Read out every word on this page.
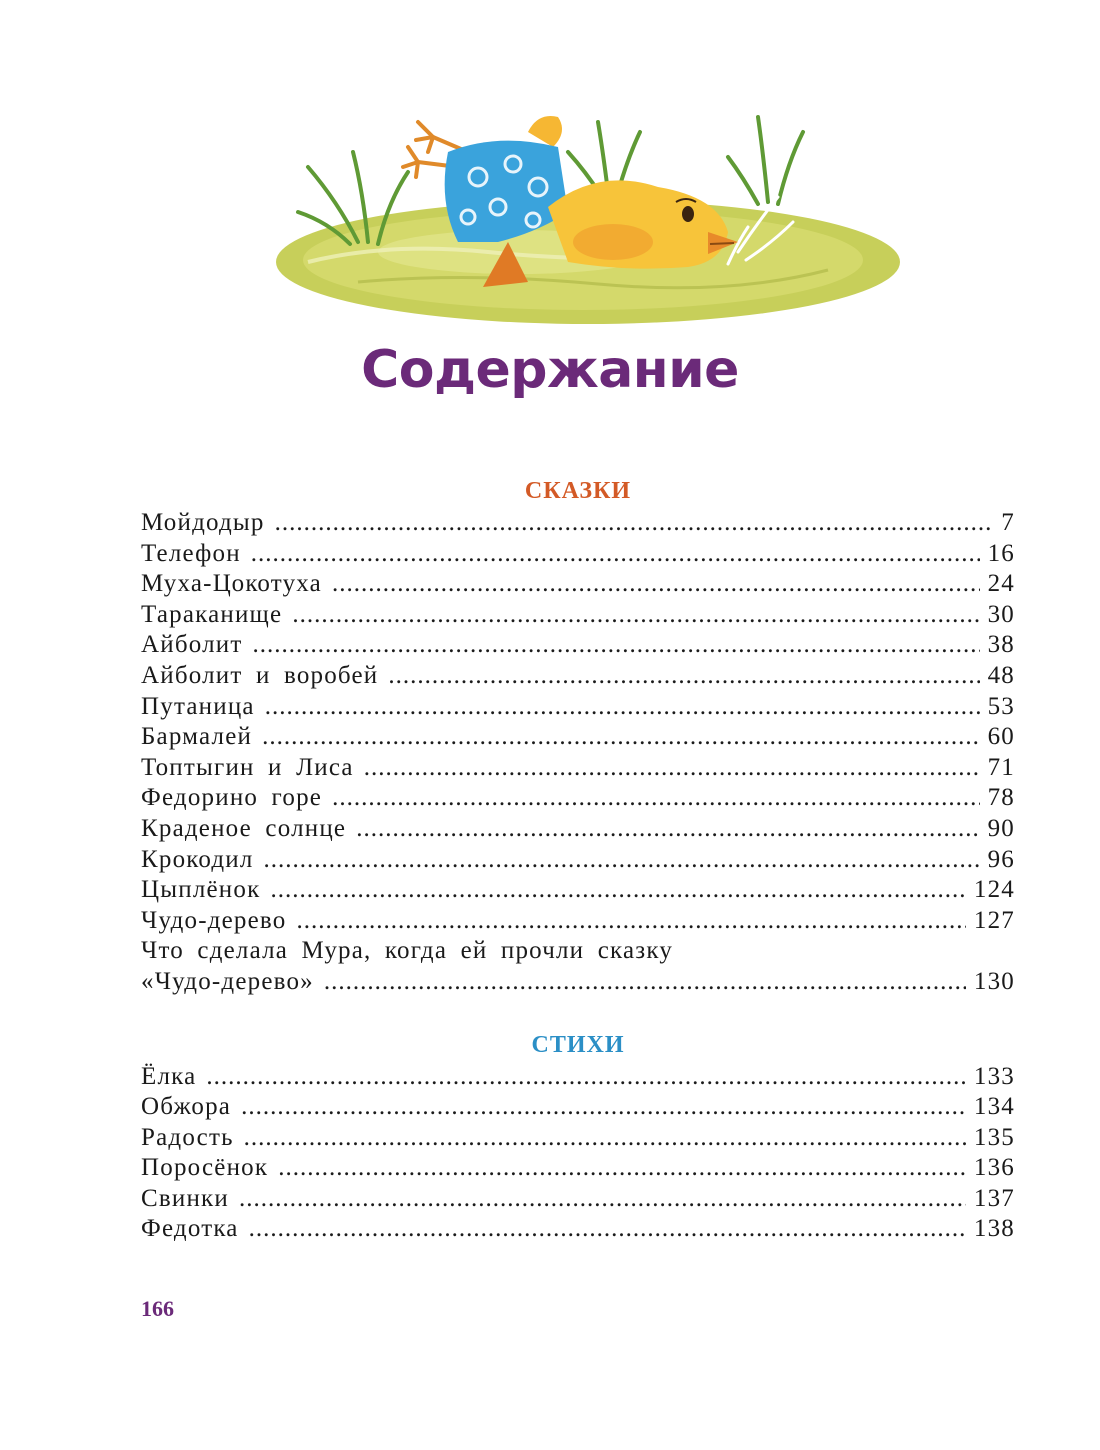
Содержание
СКАЗКИ
Мойдодыр .....	7
Телефон .....	16
Муха-Цокотуха .....	24
Тараканище .....	30
Айболит .....	38
Айболит и воробей .....	48
Путаница .....	53
Бармалей .....	60
Топтыгин и Лиса .....	71
Федорино горе .....	78
Краденое солнце .....	90
Крокодил .....	96
Цыплёнок .....	124
Чудо-дерево .....	127
Что сделала Мура, когда ей прочли сказку
«Чудо-дерево» .....	130
СТИХИ
Ёлка .....	133
Обжора .....	134
Радость .....	135
Поросёнок .....	136
Свинки .....	137
Федотка .....	138
166
